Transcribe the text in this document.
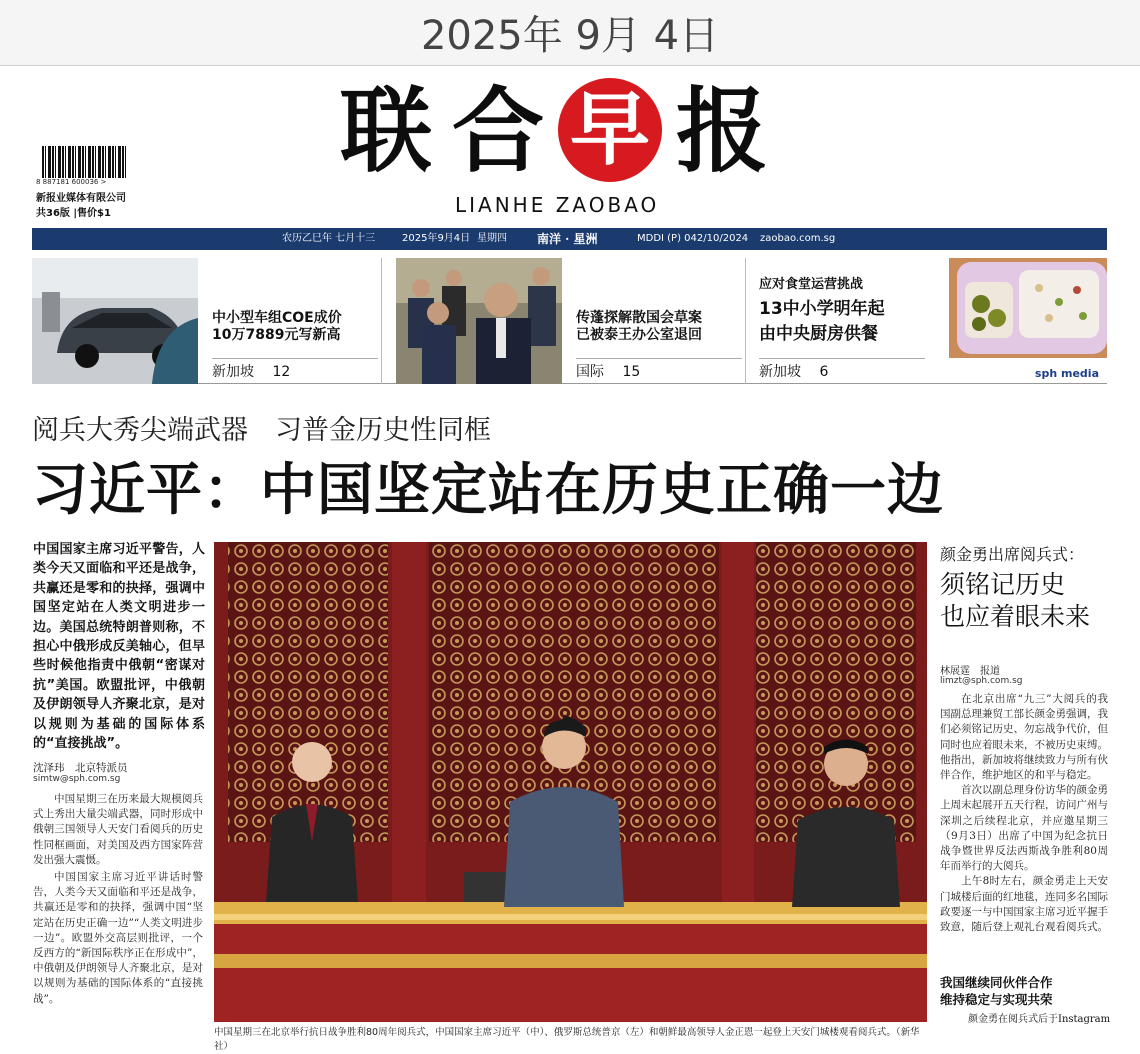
2025年 9月 4日
联 合 早 报
LIANHE ZAOBAO
8 887181 600036 >
新报业媒体有限公司
共36版 |售价$1
农历乙巳年 七月十三	2025年9月4日 星期四	南洋 · 星洲	MDDI (P) 042/10/2024 zaobao.com.sg
中小型车组COE成价
10万7889元写新高
新加坡 12
传蓬探解散国会草案
已被泰王办公室退回
国际 15
应对食堂运营挑战
13中小学明年起
由中央厨房供餐
新加坡 6	sph media
阅兵大秀尖端武器　习普金历史性同框
习近平：中国坚定站在历史正确一边
中国国家主席习近平警告，人类今天又面临和平还是战争，共赢还是零和的抉择，强调中国坚定站在人类文明进步一边。美国总统特朗普则称，不担心中俄形成反美轴心，但早些时候他指责中俄朝“密谋对抗”美国。欧盟批评，中俄朝及伊朗领导人齐聚北京，是对以规则为基础的国际体系的“直接挑战”。
沈泽玮　北京特派员
simtw@sph.com.sg
中国星期三在历来最大规模阅兵式上秀出大量尖端武器，同时形成中俄朝三国领导人天安门看阅兵的历史性同框画面，对美国及西方国家阵营发出强大震慑。
中国国家主席习近平讲话时警告，人类今天又面临和平还是战争，共赢还是零和的抉择，强调中国“坚定站在历史正确一边”“人类文明进步一边”。欧盟外交高层则批评，一个反西方的“新国际秩序正在形成中”，中俄朝及伊朗领导人齐聚北京，是对以规则为基础的国际体系的“直接挑战”。
中国星期三在北京举行抗日战争胜利80周年阅兵式，中国国家主席习近平（中）、俄罗斯总统普京（左）和朝鲜最高领导人金正恩一起登上天安门城楼观看阅兵式。（新华社）
颜金勇出席阅兵式：
须铭记历史
也应着眼未来
林展霆　报道
limzt@sph.com.sg
在北京出席“九三”大阅兵的我国副总理兼贸工部长颜金勇强调，我们必须铭记历史、勿忘战争代价，但同时也应着眼未来，不被历史束缚。他指出，新加坡将继续致力与所有伙伴合作，维护地区的和平与稳定。
首次以副总理身份访华的颜金勇上周末起展开五天行程，访问广州与深圳之后续程北京，并应邀星期三（9月3日）出席了中国为纪念抗日战争暨世界反法西斯战争胜利80周年而举行的大阅兵。
上午8时左右，颜金勇走上天安门城楼后面的红地毯，连同多名国际政要逐一与中国国家主席习近平握手致意，随后登上观礼台观看阅兵式。
我国继续同伙伴合作
维持稳定与实现共荣
颜金勇在阅兵式后于Instagram
